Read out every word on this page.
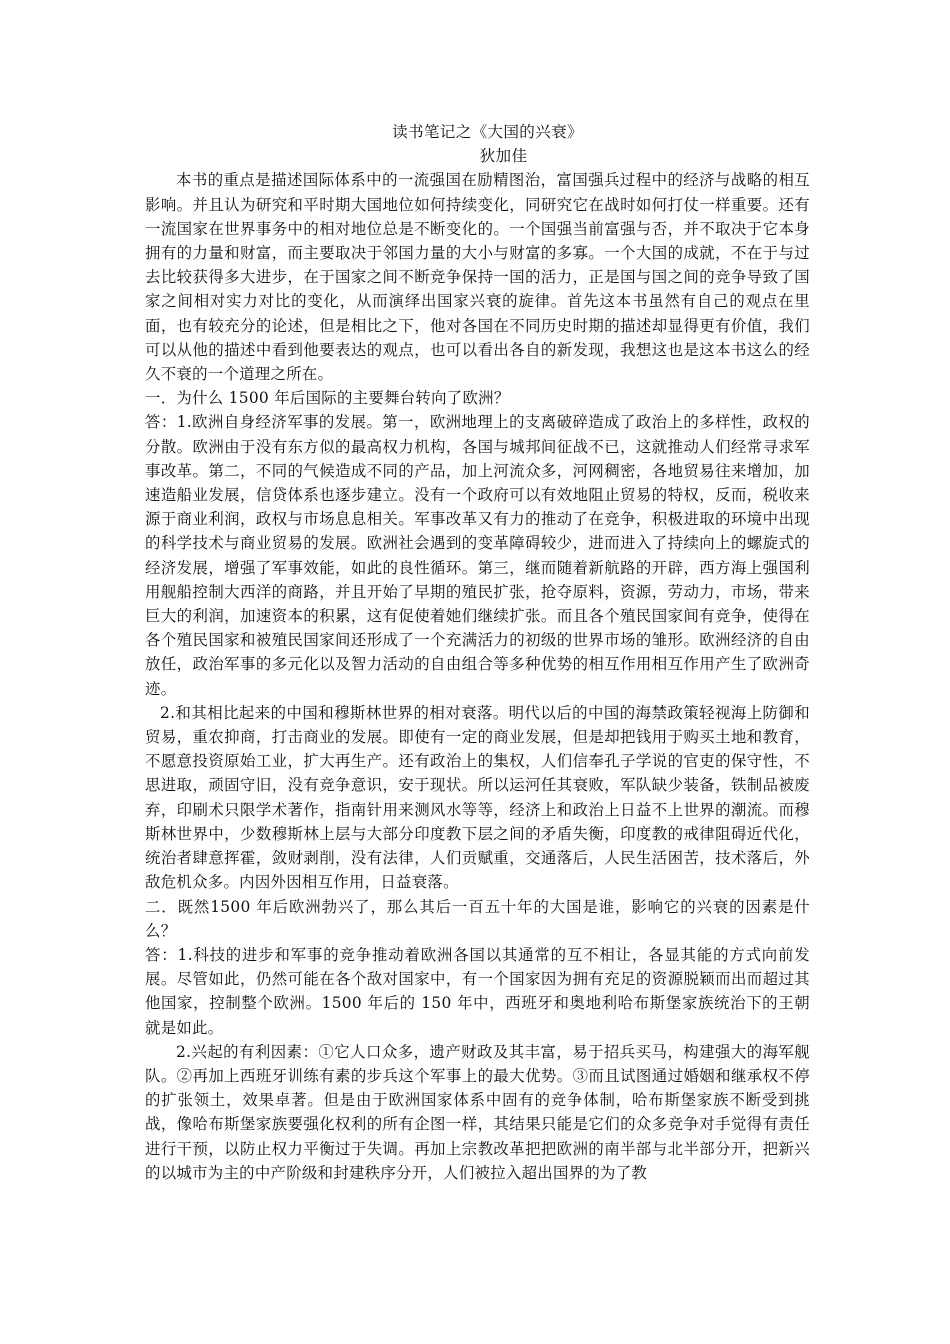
读书笔记之《大国的兴衰》
狄加佳

本书的重点是描述国际体系中的一流强国在励精图治，富国强兵过程中的经济与战略的相互影响。并且认为研究和平时期大国地位如何持续变化，同研究它在战时如何打仗一样重要。还有一流国家在世界事务中的相对地位总是不断变化的。一个国强当前富强与否，并不取决于它本身拥有的力量和财富，而主要取决于邻国力量的大小与财富的多寡。一个大国的成就，不在于与过去比较获得多大进步，在于国家之间不断竞争保持一国的活力，正是国与国之间的竞争导致了国家之间相对实力对比的变化，从而演绎出国家兴衰的旋律。首先这本书虽然有自己的观点在里面，也有较充分的论述，但是相比之下，他对各国在不同历史时期的描述却显得更有价值，我们可以从他的描述中看到他要表达的观点，也可以看出各自的新发现，我想这也是这本书这么的经久不衰的一个道理之所在。

一．为什么 1500 年后国际的主要舞台转向了欧洲？

答：1.欧洲自身经济军事的发展。第一，欧洲地理上的支离破碎造成了政治上的多样性，政权的分散。欧洲由于没有东方似的最高权力机构，各国与城邦间征战不已，这就推动人们经常寻求军事改革。第二，不同的气候造成不同的产品，加上河流众多，河网稠密，各地贸易往来增加，加速造船业发展，信贷体系也逐步建立。没有一个政府可以有效地阻止贸易的特权，反而，税收来源于商业利润，政权与市场息息相关。军事改革又有力的推动了在竞争，积极进取的环境中出现的科学技术与商业贸易的发展。欧洲社会遇到的变革障碍较少，进而进入了持续向上的螺旋式的经济发展，增强了军事效能，如此的良性循环。第三，继而随着新航路的开辟，西方海上强国利用舰船控制大西洋的商路，并且开始了早期的殖民扩张，抢夺原料，资源，劳动力，市场，带来巨大的利润，加速资本的积累，这有促使着她们继续扩张。而且各个殖民国家间有竞争，使得在各个殖民国家和被殖民国家间还形成了一个充满活力的初级的世界市场的雏形。欧洲经济的自由放任，政治军事的多元化以及智力活动的自由组合等多种优势的相互作用相互作用产生了欧洲奇迹。

2.和其相比起来的中国和穆斯林世界的相对衰落。明代以后的中国的海禁政策轻视海上防御和贸易，重农抑商，打击商业的发展。即使有一定的商业发展，但是却把钱用于购买土地和教育，不愿意投资原始工业，扩大再生产。还有政治上的集权，人们信奉孔子学说的官吏的保守性，不思进取，顽固守旧，没有竞争意识，安于现状。所以运河任其衰败，军队缺少装备，铁制品被废弃，印刷术只限学术著作，指南针用来测风水等等，经济上和政治上日益不上世界的潮流。而穆斯林世界中，少数穆斯林上层与大部分印度教下层之间的矛盾失衡，印度教的戒律阻碍近代化，统治者肆意挥霍，敛财剥削，没有法律，人们贡赋重，交通落后，人民生活困苦，技术落后，外敌危机众多。内因外因相互作用，日益衰落。

二．既然1500 年后欧洲勃兴了，那么其后一百五十年的大国是谁，影响它的兴衰的因素是什么？

答：1.科技的进步和军事的竞争推动着欧洲各国以其通常的互不相让，各显其能的方式向前发展。尽管如此，仍然可能在各个敌对国家中，有一个国家因为拥有充足的资源脱颖而出而超过其他国家，控制整个欧洲。1500 年后的 150 年中，西班牙和奥地利哈布斯堡家族统治下的王朝就是如此。

2.兴起的有利因素：①它人口众多，遗产财政及其丰富，易于招兵买马，构建强大的海军舰队。②再加上西班牙训练有素的步兵这个军事上的最大优势。③而且试图通过婚姻和继承权不停的扩张领土，效果卓著。但是由于欧洲国家体系中固有的竞争体制，哈布斯堡家族不断受到挑战，像哈布斯堡家族要强化权利的所有企图一样，其结果只能是它们的众多竞争对手觉得有责任进行干预，以防止权力平衡过于失调。再加上宗教改革把把欧洲的南半部与北半部分开，把新兴的以城市为主的中产阶级和封建秩序分开，人们被拉入超出国界的为了教
